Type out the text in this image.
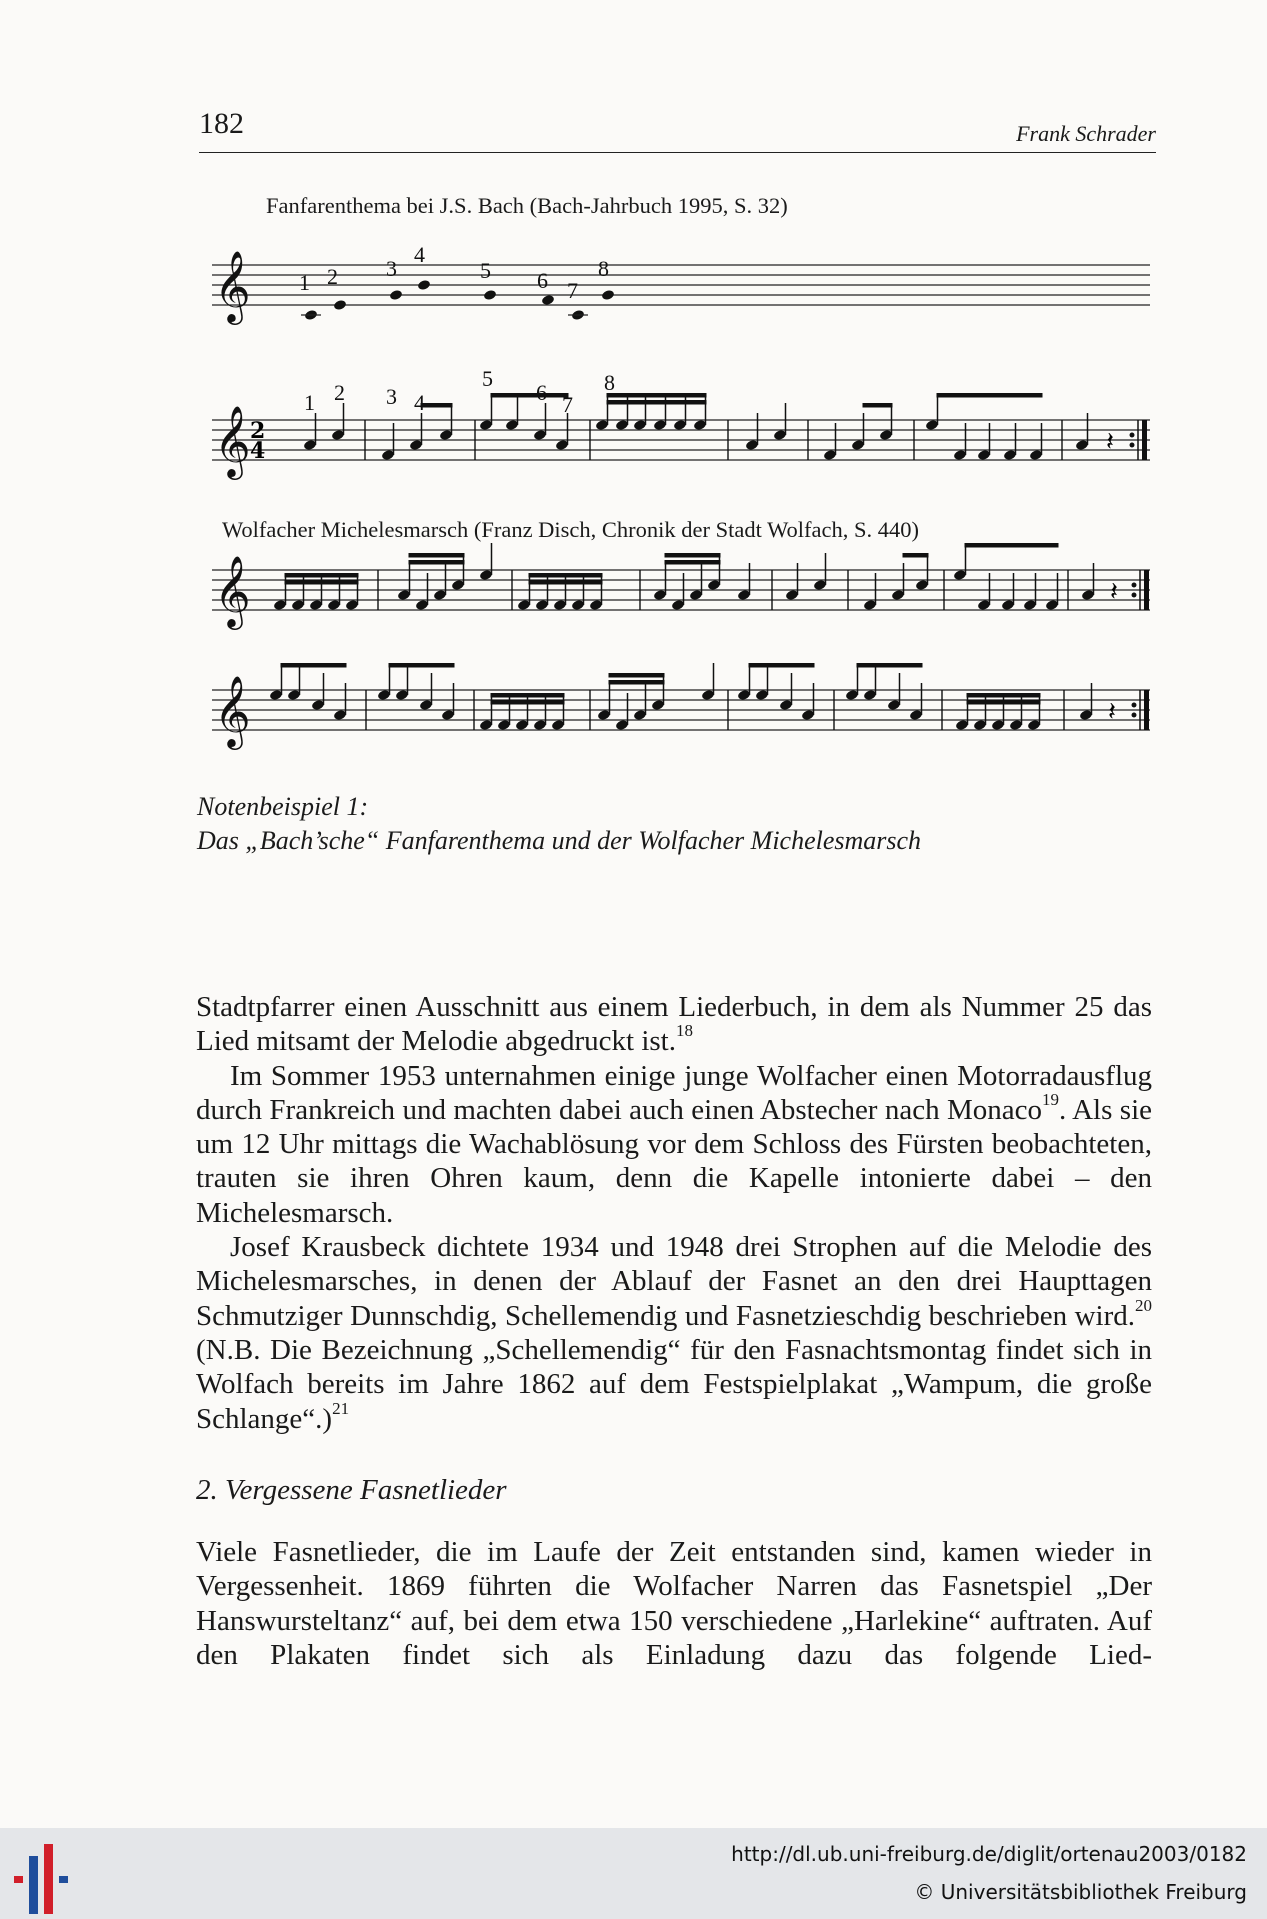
182	Frank Schrader
Fanfarenthema bei J.S. Bach (Bach-Jahrbuch 1995, S. 32)
Wolfacher Michelesmarsch (Franz Disch, Chronik der Stadt Wolfach, S. 440)
𝄞 1 2 3
4
5 6 7
8
𝄞 2
4	𝄽
1 2 3 4
5
6 7
8
𝄞	𝄽
𝄞	𝄽
Notenbeispiel 1:
Das „Bach’sche“ Fanfarenthema und der Wolfacher Michelesmarsch

Stadtpfarrer einen Ausschnitt aus einem Liederbuch, in dem als Nummer 25 das Lied mitsamt der Melodie abgedruckt ist.$^{18}$

Im Sommer 1953 unternahmen einige junge Wolfacher einen Motorradausflug durch Frankreich und machten dabei auch einen Abstecher nach Monaco$^{19}$. Als sie um 12 Uhr mittags die Wachablösung vor dem Schloss des Fürsten beobachteten, trauten sie ihren Ohren kaum, denn die Kapelle intonierte dabei – den Michelesmarsch.

Josef Krausbeck dichtete 1934 und 1948 drei Strophen auf die Melodie des Michelesmarsches, in denen der Ablauf der Fasnet an den drei Haupttagen Schmutziger Dunnschdig, Schellemendig und Fasnetzieschdig beschrieben wird.$^{20}$ (N.B. Die Bezeichnung „Schellemendig“ für den Fasnachtsmontag findet sich in Wolfach bereits im Jahre 1862 auf dem Festspielplakat „Wampum, die große Schlange“.)$^{21}$

2. Vergessene Fasnetlieder

Viele Fasnetlieder, die im Laufe der Zeit entstanden sind, kamen wieder in Vergessenheit. 1869 führten die Wolfacher Narren das Fasnetspiel „Der Hanswursteltanz“ auf, bei dem etwa 150 verschiedene „Harlekine“ auftraten. Auf den Plakaten findet sich als Einladung dazu das folgende Lied-

http://dl.ub.uni-freiburg.de/diglit/ortenau2003/0182
© Universitätsbibliothek Freiburg
